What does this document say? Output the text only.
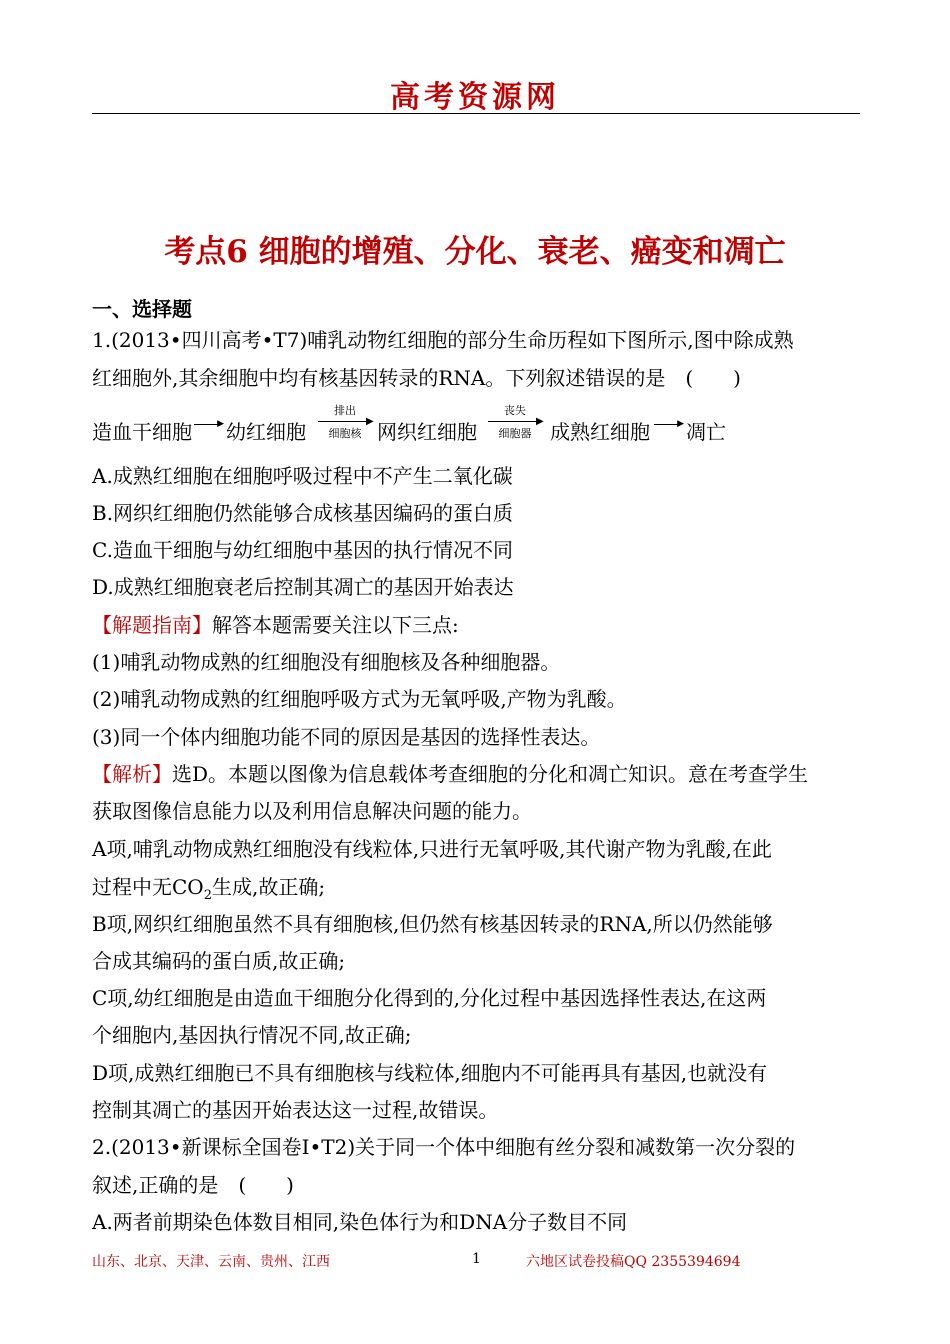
高考资源网
考点6 细胞的增殖、分化、衰老、癌变和凋亡
一、选择题
1.(2013•四川高考•T7)哺乳动物红细胞的部分生命历程如下图所示,图中除成熟
红细胞外,其余细胞中均有核基因转录的RNA。下列叙述错误的是　(　　)
造血干细胞	▶ 幼红细胞
排出
▶
细胞核 网织红细胞
丧失
▶
细胞器 成熟红细胞	▶ 凋亡
A.成熟红细胞在细胞呼吸过程中不产生二氧化碳
B.网织红细胞仍然能够合成核基因编码的蛋白质
C.造血干细胞与幼红细胞中基因的执行情况不同
D.成熟红细胞衰老后控制其凋亡的基因开始表达
【解题指南】解答本题需要关注以下三点:
(1)哺乳动物成熟的红细胞没有细胞核及各种细胞器。
(2)哺乳动物成熟的红细胞呼吸方式为无氧呼吸,产物为乳酸。
(3)同一个体内细胞功能不同的原因是基因的选择性表达。
【解析】选D。本题以图像为信息载体考查细胞的分化和凋亡知识。意在考查学生
获取图像信息能力以及利用信息解决问题的能力。
A项,哺乳动物成熟红细胞没有线粒体,只进行无氧呼吸,其代谢产物为乳酸,在此
过程中无$CO_2$生成,故正确;
B项,网织红细胞虽然不具有细胞核,但仍然有核基因转录的RNA,所以仍然能够
合成其编码的蛋白质,故正确;
C项,幼红细胞是由造血干细胞分化得到的,分化过程中基因选择性表达,在这两
个细胞内,基因执行情况不同,故正确;
D项,成熟红细胞已不具有细胞核与线粒体,细胞内不可能再具有基因,也就没有
控制其凋亡的基因开始表达这一过程,故错误。
2.(2013•新课标全国卷Ⅰ•T2)关于同一个体中细胞有丝分裂和减数第一次分裂的
叙述,正确的是　(　　)
A.两者前期染色体数目相同,染色体行为和DNA分子数目不同
山东、北京、天津、云南、贵州、江西	1	六地区试卷投稿QQ 2355394694
